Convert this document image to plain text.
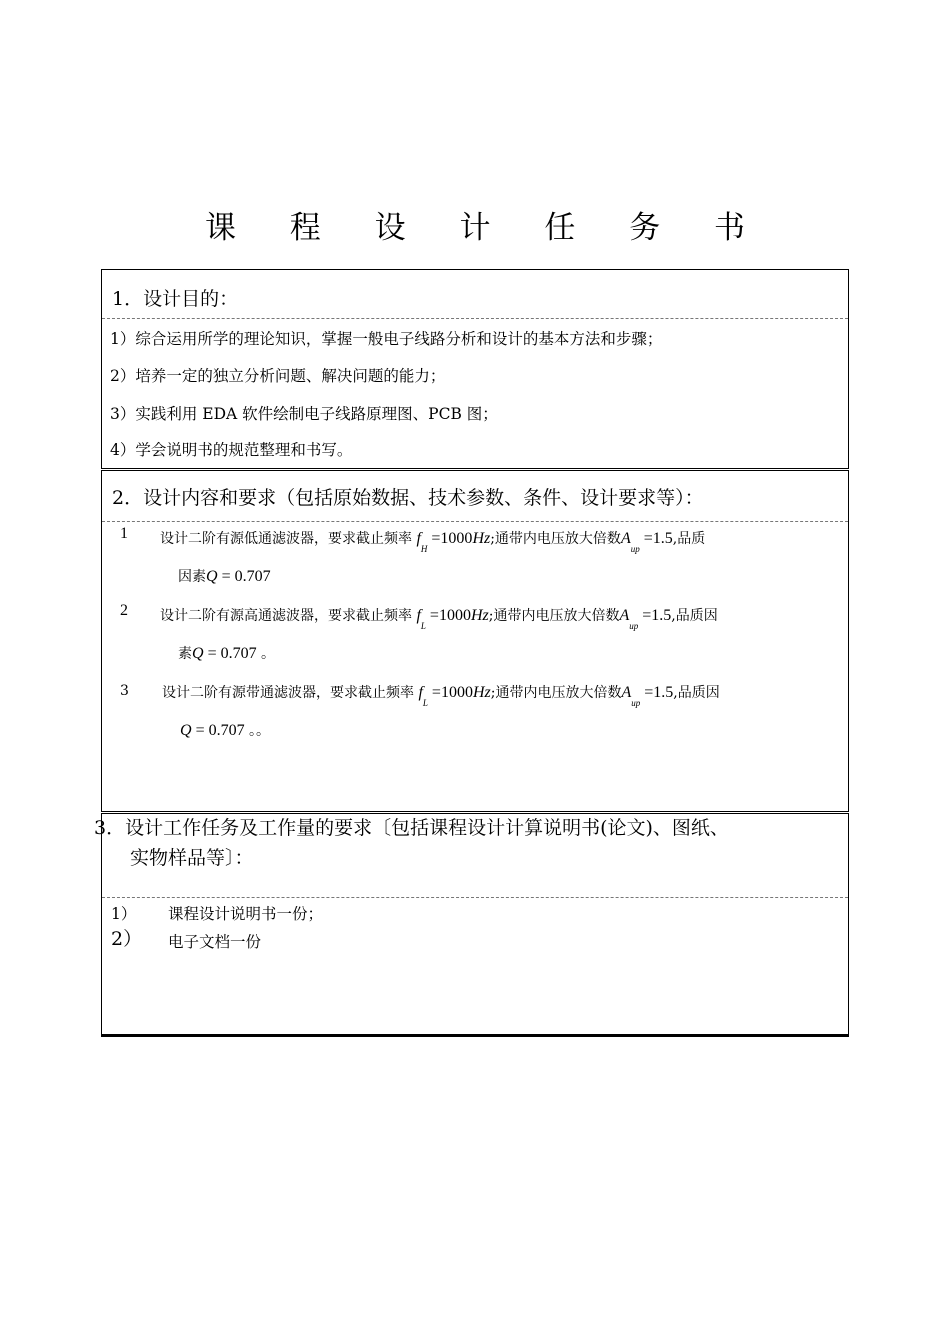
课 程 设 计 任 务 书
1．设计目的：
1）综合运用所学的理论知识，掌握一般电子线路分析和设计的基本方法和步骤；
2）培养一定的独立分析问题、解决问题的能力；
3）实践利用 EDA 软件绘制电子线路原理图、PCB 图；
4）学会说明书的规范整理和书写。
2．设计内容和要求（包括原始数据、技术参数、条件、设计要求等）：
1 设计二阶有源低通滤波器，要求截止频率 $f_H =1000Hz$;通带内电压放大倍数$A_{up} =1.5$,品质
因素Q = 0.707
2 设计二阶有源高通滤波器，要求截止频率 $f_L =1000Hz$;通带内电压放大倍数$A_{up} =1.5$,品质因
素Q = 0.707 。
3 设计二阶有源带通滤波器，要求截止频率 $f_L =1000Hz$;通带内电压放大倍数$A_{up} =1.5$,品质因
Q = 0.707 。。
1） 课程设计说明书一份；
2） 电子文档一份
3．设计工作任务及工作量的要求〔包括课程设计计算说明书(论文)、图纸、
实物样品等〕：
